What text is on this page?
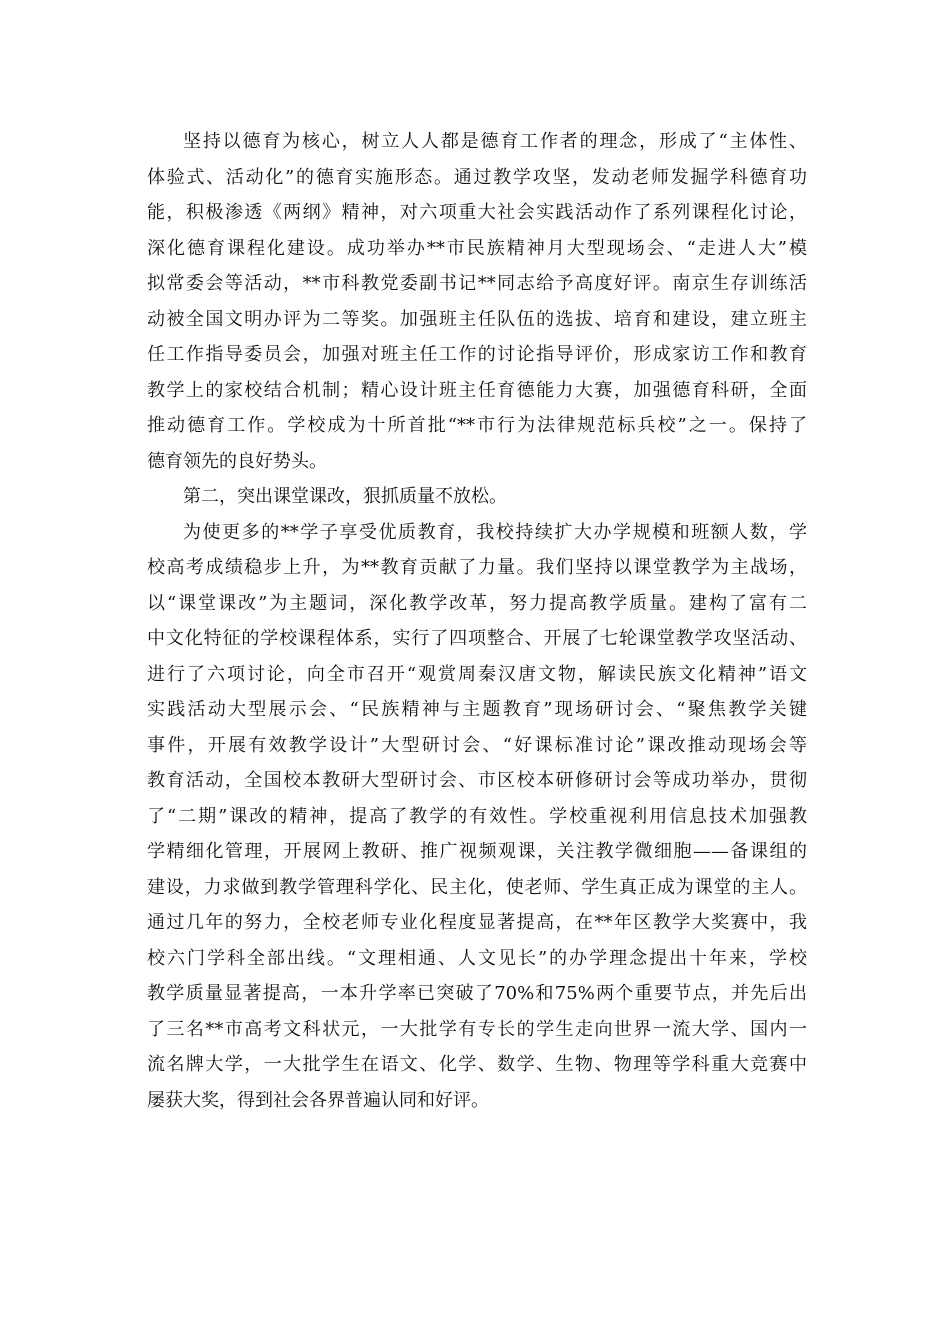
坚持以德育为核心，树立人人都是德育工作者的理念，形成了“主体性、
体验式、活动化”的德育实施形态。通过教学攻坚，发动老师发掘学科德育功
能，积极渗透《两纲》精神，对六项重大社会实践活动作了系列课程化讨论，
深化德育课程化建设。成功举办**市民族精神月大型现场会、“走进人大”模
拟常委会等活动，**市科教党委副书记**同志给予高度好评。南京生存训练活
动被全国文明办评为二等奖。加强班主任队伍的选拔、培育和建设，建立班主
任工作指导委员会，加强对班主任工作的讨论指导评价，形成家访工作和教育
教学上的家校结合机制；精心设计班主任育德能力大赛，加强德育科研，全面
推动德育工作。学校成为十所首批“**市行为法律规范标兵校”之一。保持了
德育领先的良好势头。
第二，突出课堂课改，狠抓质量不放松。
为使更多的**学子享受优质教育，我校持续扩大办学规模和班额人数，学
校高考成绩稳步上升，为**教育贡献了力量。我们坚持以课堂教学为主战场，
以“课堂课改”为主题词，深化教学改革，努力提高教学质量。建构了富有二
中文化特征的学校课程体系，实行了四项整合、开展了七轮课堂教学攻坚活动、
进行了六项讨论，向全市召开“观赏周秦汉唐文物，解读民族文化精神”语文
实践活动大型展示会、“民族精神与主题教育”现场研讨会、“聚焦教学关键
事件，开展有效教学设计”大型研讨会、“好课标准讨论”课改推动现场会等
教育活动，全国校本教研大型研讨会、市区校本研修研讨会等成功举办，贯彻
了“二期”课改的精神，提高了教学的有效性。学校重视利用信息技术加强教
学精细化管理，开展网上教研、推广视频观课，关注教学微细胞——备课组的
建设，力求做到教学管理科学化、民主化，使老师、学生真正成为课堂的主人。
通过几年的努力，全校老师专业化程度显著提高，在**年区教学大奖赛中，我
校六门学科全部出线。“文理相通、人文见长”的办学理念提出十年来，学校
教学质量显著提高，一本升学率已突破了70%和75%两个重要节点，并先后出
了三名**市高考文科状元，一大批学有专长的学生走向世界一流大学、国内一
流名牌大学，一大批学生在语文、化学、数学、生物、物理等学科重大竞赛中
屡获大奖，得到社会各界普遍认同和好评。
